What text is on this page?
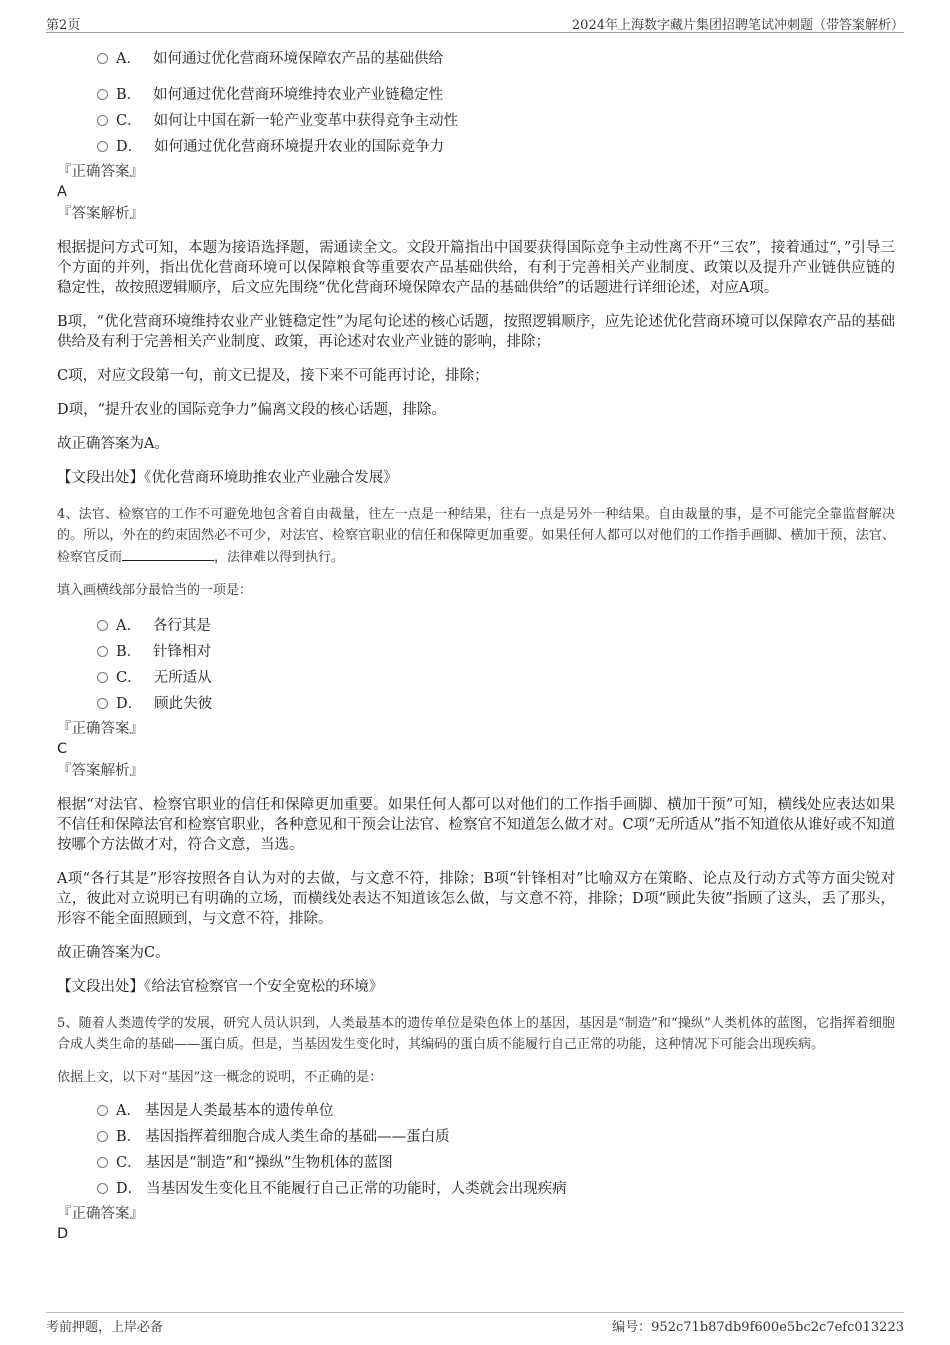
第2页	2024年上海数字藏片集团招聘笔试冲刺题（带答案解析）
A． 如何通过优化营商环境保障农产品的基础供给
B． 如何通过优化营商环境维持农业产业链稳定性
C． 如何让中国在新一轮产业变革中获得竞争主动性
D． 如何通过优化营商环境提升农业的国际竞争力
『正确答案』
A
『答案解析』
根据提问方式可知，本题为接语选择题，需通读全文。文段开篇指出中国要获得国际竞争主动性离不开“三农”，接着通过“，”引导三个方面的并列，指出优化营商环境可以保障粮食等重要农产品基础供给，有利于完善相关产业制度、政策以及提升产业链供应链的稳定性，故按照逻辑顺序，后文应先围绕“优化营商环境保障农产品的基础供给”的话题进行详细论述，对应A项。
B项，“优化营商环境维持农业产业链稳定性”为尾句论述的核心话题，按照逻辑顺序，应先论述优化营商环境可以保障农产品的基础供给及有利于完善相关产业制度、政策，再论述对农业产业链的影响，排除；
C项，对应文段第一句，前文已提及，接下来不可能再讨论，排除；
D项，“提升农业的国际竞争力”偏离文段的核心话题，排除。
故正确答案为A。
【文段出处】《优化营商环境助推农业产业融合发展》
4、法官、检察官的工作不可避免地包含着自由裁量，往左一点是一种结果，往右一点是另外一种结果。自由裁量的事，是不可能完全靠监督解决的。所以，外在的约束固然必不可少，对法官、检察官职业的信任和保障更加重要。如果任何人都可以对他们的工作指手画脚、横加干预，法官、检察官反而	，法律难以得到执行。
填入画横线部分最恰当的一项是：
A． 各行其是
B． 针锋相对
C． 无所适从
D． 顾此失彼
『正确答案』
C
『答案解析』
根据“对法官、检察官职业的信任和保障更加重要。如果任何人都可以对他们的工作指手画脚、横加干预”可知，横线处应表达如果不信任和保障法官和检察官职业，各种意见和干预会让法官、检察官不知道怎么做才对。C项“无所适从”指不知道依从谁好或不知道按哪个方法做才对，符合文意，当选。
A项“各行其是”形容按照各自认为对的去做，与文意不符，排除；B项“针锋相对”比喻双方在策略、论点及行动方式等方面尖锐对立，彼此对立说明已有明确的立场，而横线处表达不知道该怎么做，与文意不符，排除；D项“顾此失彼”指顾了这头，丢了那头，形容不能全面照顾到，与文意不符，排除。
故正确答案为C。
【文段出处】《给法官检察官一个安全宽松的环境》
5、随着人类遗传学的发展，研究人员认识到，人类最基本的遗传单位是染色体上的基因，基因是“制造”和“操纵”人类机体的蓝图，它指挥着细胞合成人类生命的基础——蛋白质。但是，当基因发生变化时，其编码的蛋白质不能履行自己正常的功能，这种情况下可能会出现疾病。
依据上文，以下对“基因”这一概念的说明，不正确的是：
A． 基因是人类最基本的遗传单位
B． 基因指挥着细胞合成人类生命的基础——蛋白质
C． 基因是“制造”和“操纵”生物机体的蓝图
D． 当基因发生变化且不能履行自己正常的功能时，人类就会出现疾病
『正确答案』
D
考前押题，上岸必备	编号：952c71b87db9f600e5bc2c7efc013223
